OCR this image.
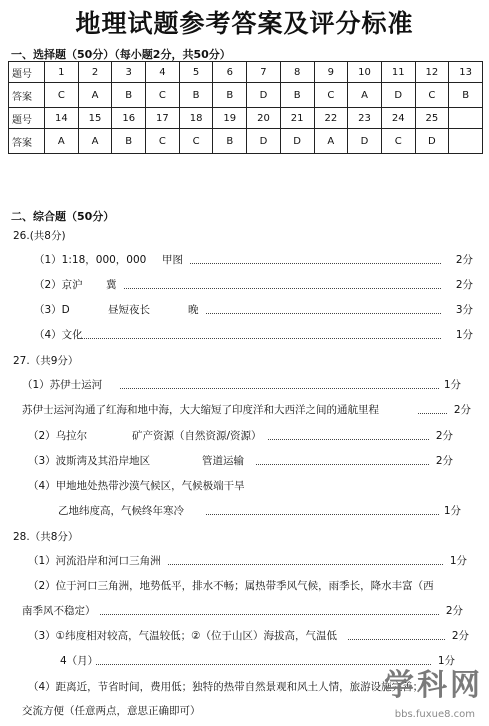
地理试题参考答案及评分标准
一、选择题（50分）（每小题2分，共50分）
题号	1	2	3	4	5	6	7	8	9	10	11	12	13
答案	C	A	B	C	B	B	D	B	C	A	D	C	B
题号	14	15	16	17	18	19	20	21	22	23	24	25	
答案	A	A	B	C	C	B	D	D	A	D	C	D	
二、综合题（50分）
26.(共8分)
（1）1:18，000，000 甲图	2分
（2）京沪 冀	2分
（3）D	昼短夜长	晚	3分
（4）文化	1分
27.（共9分）
（1）苏伊士运河	1分
苏伊士运河沟通了红海和地中海，大大缩短了印度洋和大西洋之间的通航里程	2分
（2）乌拉尔	矿产资源（自然资源/资源）	2分
（3）波斯湾及其沿岸地区	管道运输	2分
（4）甲地地处热带沙漠气候区，气候极端干旱
乙地纬度高，气候终年寒冷	1分
28.（共8分）
（1）河流沿岸和河口三角洲	1分
（2）位于河口三角洲，地势低平，排水不畅；属热带季风气候，雨季长，降水丰富（西
南季风不稳定）	2分
（3）①纬度相对较高，气温较低；②（位于山区）海拔高，气温低	2分
4（月）	1分
（4）距离近，节省时间，费用低；独特的热带自然景观和风土人情，旅游设施完善；
交流方便（任意两点，意思正确即可）
学科网
bbs.fuxue8.com
